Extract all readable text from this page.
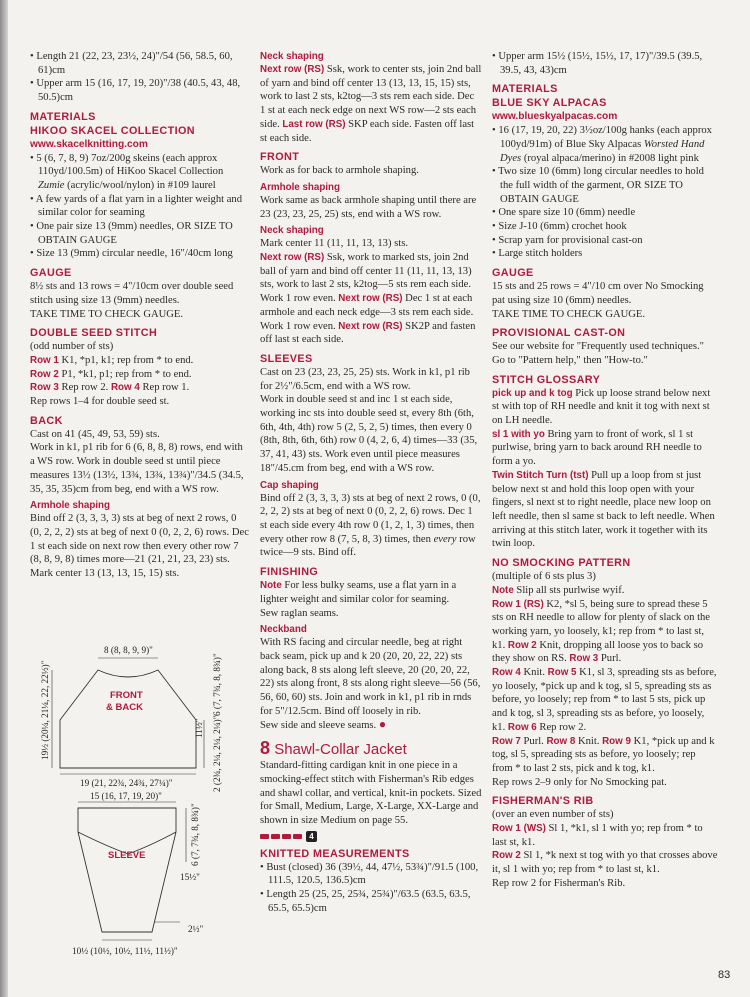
• Length 21 (22, 23, 23½, 24)"/54 (56, 58.5, 60, 61)cm

• Upper arm 15 (16, 17, 19, 20)"/38 (40.5, 43, 48, 50.5)cm

MATERIALS

HIKOO SKACEL COLLECTION

www.skacelknitting.com

• 5 (6, 7, 8, 9) 7oz/200g skeins (each approx 110yd/100.5m) of HiKoo Skacel Collection Zumie (acrylic/wool/nylon) in #109 laurel

• A few yards of a flat yarn in a lighter weight and similar color for seaming

• One pair size 13 (9mm) needles, OR SIZE TO OBTAIN GAUGE

• Size 13 (9mm) circular needle, 16"/40cm long

GAUGE

8½ sts and 13 rows = 4"/10cm over double seed stitch using size 13 (9mm) needles.

TAKE TIME TO CHECK GAUGE.

DOUBLE SEED STITCH

(odd number of sts)

Row 1 K1, *p1, k1; rep from * to end.

Row 2 P1, *k1, p1; rep from * to end.

Row 3 Rep row 2. Row 4 Rep row 1.

Rep rows 1–4 for double seed st.

BACK

Cast on 41 (45, 49, 53, 59) sts.

Work in k1, p1 rib for 6 (6, 8, 8, 8) rows, end with a WS row. Work in double seed st until piece measures 13½ (13½, 13¾, 13¾, 13¾)"/34.5 (34.5, 35, 35, 35)cm from beg, end with a WS row.

Armhole shaping

Bind off 2 (3, 3, 3, 3) sts at beg of next 2 rows, 0 (0, 2, 2, 2) sts at beg of next 0 (0, 2, 2, 6) rows. Dec 1 st each side on next row then every other row 7 (8, 8, 9, 8) times more—21 (21, 21, 23, 23) sts. Mark center 13 (13, 13, 15, 15) sts.

8 (8, 8, 9, 9)"
FRONT
& BACK
19 (21, 22¾, 24¾, 27¼)"
19½ (20¼, 21¼, 22, 22½)"	11½"
6 (7, 7¾, 8, 8¾)"
2 (2¾, 2¼, 2¼, 2¼)"
15 (16, 17, 19, 20)"
SLEEVE	6 (7, 7¾, 8, 8¾)"
15½"
2½"
10½ (10½, 10½, 11½, 11½)"

Neck shaping

Next row (RS) Ssk, work to center sts, join 2nd ball of yarn and bind off center 13 (13, 13, 15, 15) sts, work to last 2 sts, k2tog—3 sts rem each side. Dec 1 st at each neck edge on next WS row—2 sts each side. Last row (RS) SKP each side. Fasten off last st each side.

FRONT

Work as for back to armhole shaping.

Armhole shaping

Work same as back armhole shaping until there are 23 (23, 23, 25, 25) sts, end with a WS row.

Neck shaping

Mark center 11 (11, 11, 13, 13) sts.

Next row (RS) Ssk, work to marked sts, join 2nd ball of yarn and bind off center 11 (11, 11, 13, 13) sts, work to last 2 sts, k2tog—5 sts rem each side. Work 1 row even. Next row (RS) Dec 1 st at each armhole and each neck edge—3 sts rem each side. Work 1 row even. Next row (RS) SK2P and fasten off last st each side.

SLEEVES

Cast on 23 (23, 23, 25, 25) sts. Work in k1, p1 rib for 2½"/6.5cm, end with a WS row.

Work in double seed st and inc 1 st each side, working inc sts into double seed st, every 8th (6th, 6th, 4th, 4th) row 5 (2, 5, 2, 5) times, then every 0 (8th, 8th, 6th, 6th) row 0 (4, 2, 6, 4) times—33 (35, 37, 41, 43) sts. Work even until piece measures 18"/45.cm from beg, end with a WS row.

Cap shaping

Bind off 2 (3, 3, 3, 3) sts at beg of next 2 rows, 0 (0, 2, 2, 2) sts at beg of next 0 (0, 2, 2, 6) rows. Dec 1 st each side every 4th row 0 (1, 2, 1, 3) times, then every other row 8 (7, 5, 8, 3) times, then every row twice—9 sts. Bind off.

FINISHING

Note For less bulky seams, use a flat yarn in a lighter weight and similar color for seaming.

Sew raglan seams.

Neckband

With RS facing and circular needle, beg at right back seam, pick up and k 20 (20, 20, 22, 22) sts along back, 8 sts along left sleeve, 20 (20, 20, 22, 22) sts along front, 8 sts along right sleeve—56 (56, 56, 60, 60) sts. Join and work in k1, p1 rib in rnds for 5"/12.5cm. Bind off loosely in rib.

Sew side and sleeve seams. ●

8 Shawl-Collar Jacket

Standard-fitting cardigan knit in one piece in a smocking-effect stitch with Fisherman's Rib edges and shawl collar, and vertical, knit-in pockets. Sized for Small, Medium, Large, X-Large, XX-Large and shown in size Medium on page 55.

4

KNITTED MEASUREMENTS

• Bust (closed) 36 (39½, 44, 47½, 53¾)"/91.5 (100, 111.5, 120.5, 136.5)cm

• Length 25 (25, 25, 25¾, 25¾)"/63.5 (63.5, 63.5, 65.5, 65.5)cm

• Upper arm 15½ (15½, 15½, 17, 17)"/39.5 (39.5, 39.5, 43, 43)cm

MATERIALS

BLUE SKY ALPACAS

www.blueskyalpacas.com

• 16 (17, 19, 20, 22) 3½oz/100g hanks (each approx 100yd/91m) of Blue Sky Alpacas Worsted Hand Dyes (royal alpaca/merino) in #2008 light pink

• Two size 10 (6mm) long circular needles to hold the full width of the garment, OR SIZE TO OBTAIN GAUGE

• One spare size 10 (6mm) needle

• Size J-10 (6mm) crochet hook

• Scrap yarn for provisional cast-on

• Large stitch holders

GAUGE

15 sts and 25 rows = 4"/10 cm over No Smocking pat using size 10 (6mm) needles.

TAKE TIME TO CHECK GAUGE.

PROVISIONAL CAST-ON

See our website for "Frequently used techniques." Go to "Pattern help," then "How-to."

STITCH GLOSSARY

pick up and k tog Pick up loose strand below next st with top of RH needle and knit it tog with next st on LH needle.

sl 1 with yo Bring yarn to front of work, sl 1 st purlwise, bring yarn to back around RH needle to form a yo.

Twin Stitch Turn (tst) Pull up a loop from st just below next st and hold this loop open with your fingers, sl next st to right needle, place new loop on left needle, then sl same st back to left needle. When arriving at this stitch later, work it together with its twin loop.

NO SMOCKING PATTERN

(multiple of 6 sts plus 3)

Note Slip all sts purlwise wyif.

Row 1 (RS) K2, *sl 5, being sure to spread these 5 sts on RH needle to allow for plenty of slack on the working yarn, yo loosely, k1; rep from * to last st, k1. Row 2 Knit, dropping all loose yos to back so they show on RS. Row 3 Purl.

Row 4 Knit. Row 5 K1, sl 3, spreading sts as before, yo loosely, *pick up and k tog, sl 5, spreading sts as before, yo loosely; rep from * to last 5 sts, pick up and k tog, sl 3, spreading sts as before, yo loosely, k1. Row 6 Rep row 2.

Row 7 Purl. Row 8 Knit. Row 9 K1, *pick up and k tog, sl 5, spreading sts as before, yo loosely; rep from * to last 2 sts, pick and k tog, k1.

Rep rows 2–9 only for No Smocking pat.

FISHERMAN'S RIB

(over an even number of sts)

Row 1 (WS) Sl 1, *k1, sl 1 with yo; rep from * to last st, k1.

Row 2 Sl 1, *k next st tog with yo that crosses above it, sl 1 with yo; rep from * to last st, k1.

Rep row 2 for Fisherman's Rib.

83
